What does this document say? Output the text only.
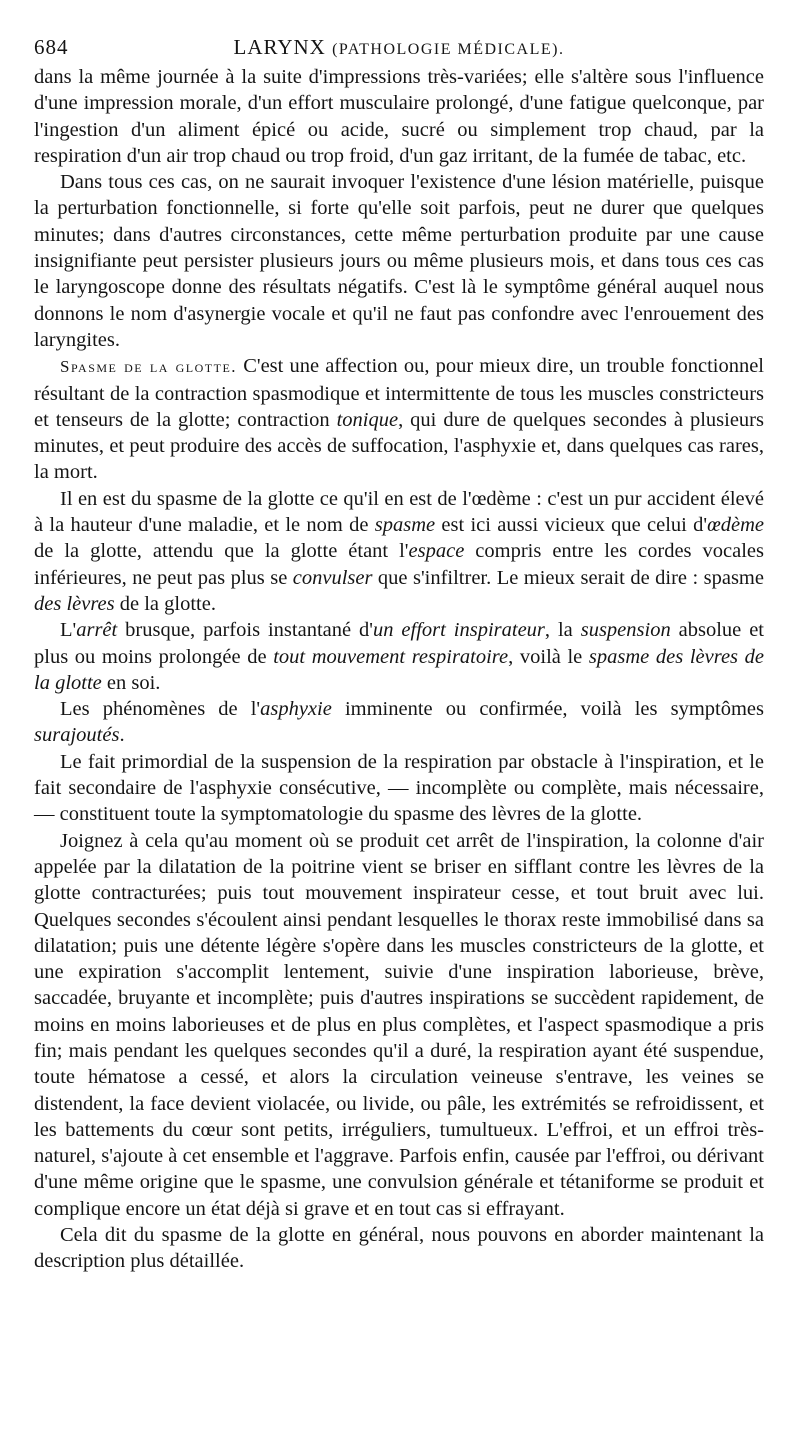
684	LARYNX (PATHOLOGIE MÉDICALE).

dans la même journée à la suite d'impressions très-variées; elle s'altère sous l'influence d'une impression morale, d'un effort musculaire prolongé, d'une fatigue quelconque, par l'ingestion d'un aliment épicé ou acide, sucré ou simplement trop chaud, par la respiration d'un air trop chaud ou trop froid, d'un gaz irritant, de la fumée de tabac, etc.

Dans tous ces cas, on ne saurait invoquer l'existence d'une lésion matérielle, puisque la perturbation fonctionnelle, si forte qu'elle soit parfois, peut ne durer que quelques minutes; dans d'autres circonstances, cette même perturbation produite par une cause insignifiante peut persister plusieurs jours ou même plusieurs mois, et dans tous ces cas le laryngoscope donne des résultats négatifs. C'est là le symptôme général auquel nous donnons le nom d'asynergie vocale et qu'il ne faut pas confondre avec l'enrouement des laryngites.

Spasme de la glotte. C'est une affection ou, pour mieux dire, un trouble fonctionnel résultant de la contraction spasmodique et intermittente de tous les muscles constricteurs et tenseurs de la glotte; contraction tonique, qui dure de quelques secondes à plusieurs minutes, et peut produire des accès de suffocation, l'asphyxie et, dans quelques cas rares, la mort.

Il en est du spasme de la glotte ce qu'il en est de l'œdème : c'est un pur accident élevé à la hauteur d'une maladie, et le nom de spasme est ici aussi vicieux que celui d'œdème de la glotte, attendu que la glotte étant l'espace compris entre les cordes vocales inférieures, ne peut pas plus se convulser que s'infiltrer. Le mieux serait de dire : spasme des lèvres de la glotte.

L'arrêt brusque, parfois instantané d'un effort inspirateur, la suspension absolue et plus ou moins prolongée de tout mouvement respiratoire, voilà le spasme des lèvres de la glotte en soi.

Les phénomènes de l'asphyxie imminente ou confirmée, voilà les symptômes surajoutés.

Le fait primordial de la suspension de la respiration par obstacle à l'inspiration, et le fait secondaire de l'asphyxie consécutive, — incomplète ou complète, mais nécessaire, — constituent toute la symptomatologie du spasme des lèvres de la glotte.

Joignez à cela qu'au moment où se produit cet arrêt de l'inspiration, la colonne d'air appelée par la dilatation de la poitrine vient se briser en sifflant contre les lèvres de la glotte contracturées; puis tout mouvement inspirateur cesse, et tout bruit avec lui. Quelques secondes s'écoulent ainsi pendant lesquelles le thorax reste immobilisé dans sa dilatation; puis une détente légère s'opère dans les muscles constricteurs de la glotte, et une expiration s'accomplit lentement, suivie d'une inspiration laborieuse, brève, saccadée, bruyante et incomplète; puis d'autres inspirations se succèdent rapidement, de moins en moins laborieuses et de plus en plus complètes, et l'aspect spasmodique a pris fin; mais pendant les quelques secondes qu'il a duré, la respiration ayant été suspendue, toute hématose a cessé, et alors la circulation veineuse s'entrave, les veines se distendent, la face devient violacée, ou livide, ou pâle, les extrémités se refroidissent, et les battements du cœur sont petits, irréguliers, tumultueux. L'effroi, et un effroi très-naturel, s'ajoute à cet ensemble et l'aggrave. Parfois enfin, causée par l'effroi, ou dérivant d'une même origine que le spasme, une convulsion générale et tétaniforme se produit et complique encore un état déjà si grave et en tout cas si effrayant.

Cela dit du spasme de la glotte en général, nous pouvons en aborder maintenant la description plus détaillée.
